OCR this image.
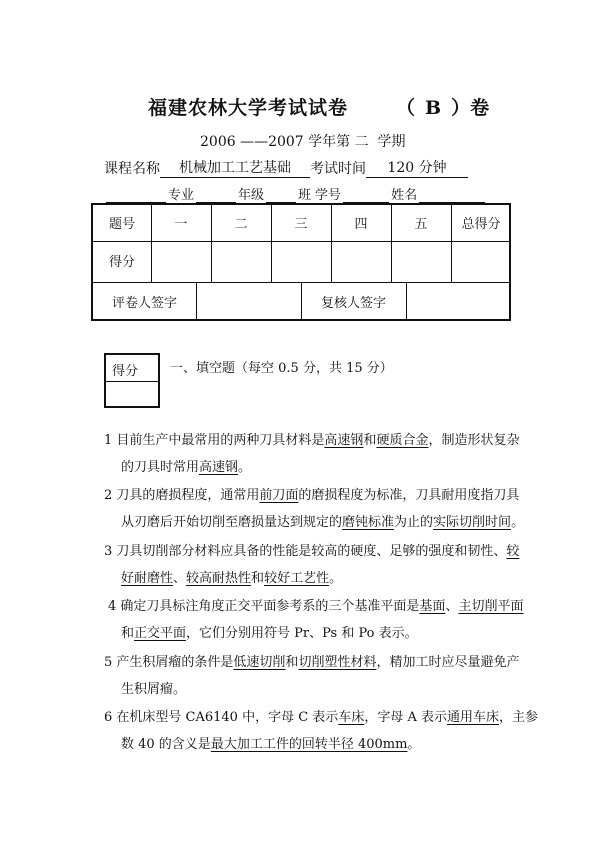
福建农林大学考试试卷	（ B ）卷
2006 ——2007 学年第 二  学期
课程名称 机械加工工艺基础 考试时间 120 分钟
专业	年级	班 学号	姓名
题号	一	二	三	四	五	总得分
得分
评卷人签字	复核人签字
得分 一、填空题（每空 0.5 分，共 15 分）
1 目前生产中最常用的两种刀具材料是高速钢和硬质合金，制造形状复杂
的刀具时常用高速钢。
2 刀具的磨损程度，通常用前刀面的磨损程度为标准，刀具耐用度指刀具
从刃磨后开始切削至磨损量达到规定的磨钝标准为止的实际切削时间。
3 刀具切削部分材料应具备的性能是较高的硬度、足够的强度和韧性、较
好耐磨性、较高耐热性和较好工艺性。
4 确定刀具标注角度正交平面参考系的三个基准平面是基面、主切削平面
和正交平面，它们分别用符号 Pr、Ps 和 Po 表示。
5 产生积屑瘤的条件是低速切削和切削塑性材料，精加工时应尽量避免产
生积屑瘤。
6 在机床型号 CA6140 中，字母 C 表示车床，字母 A 表示通用车床，主参
数 40 的含义是最大加工工件的回转半径 400mm。
